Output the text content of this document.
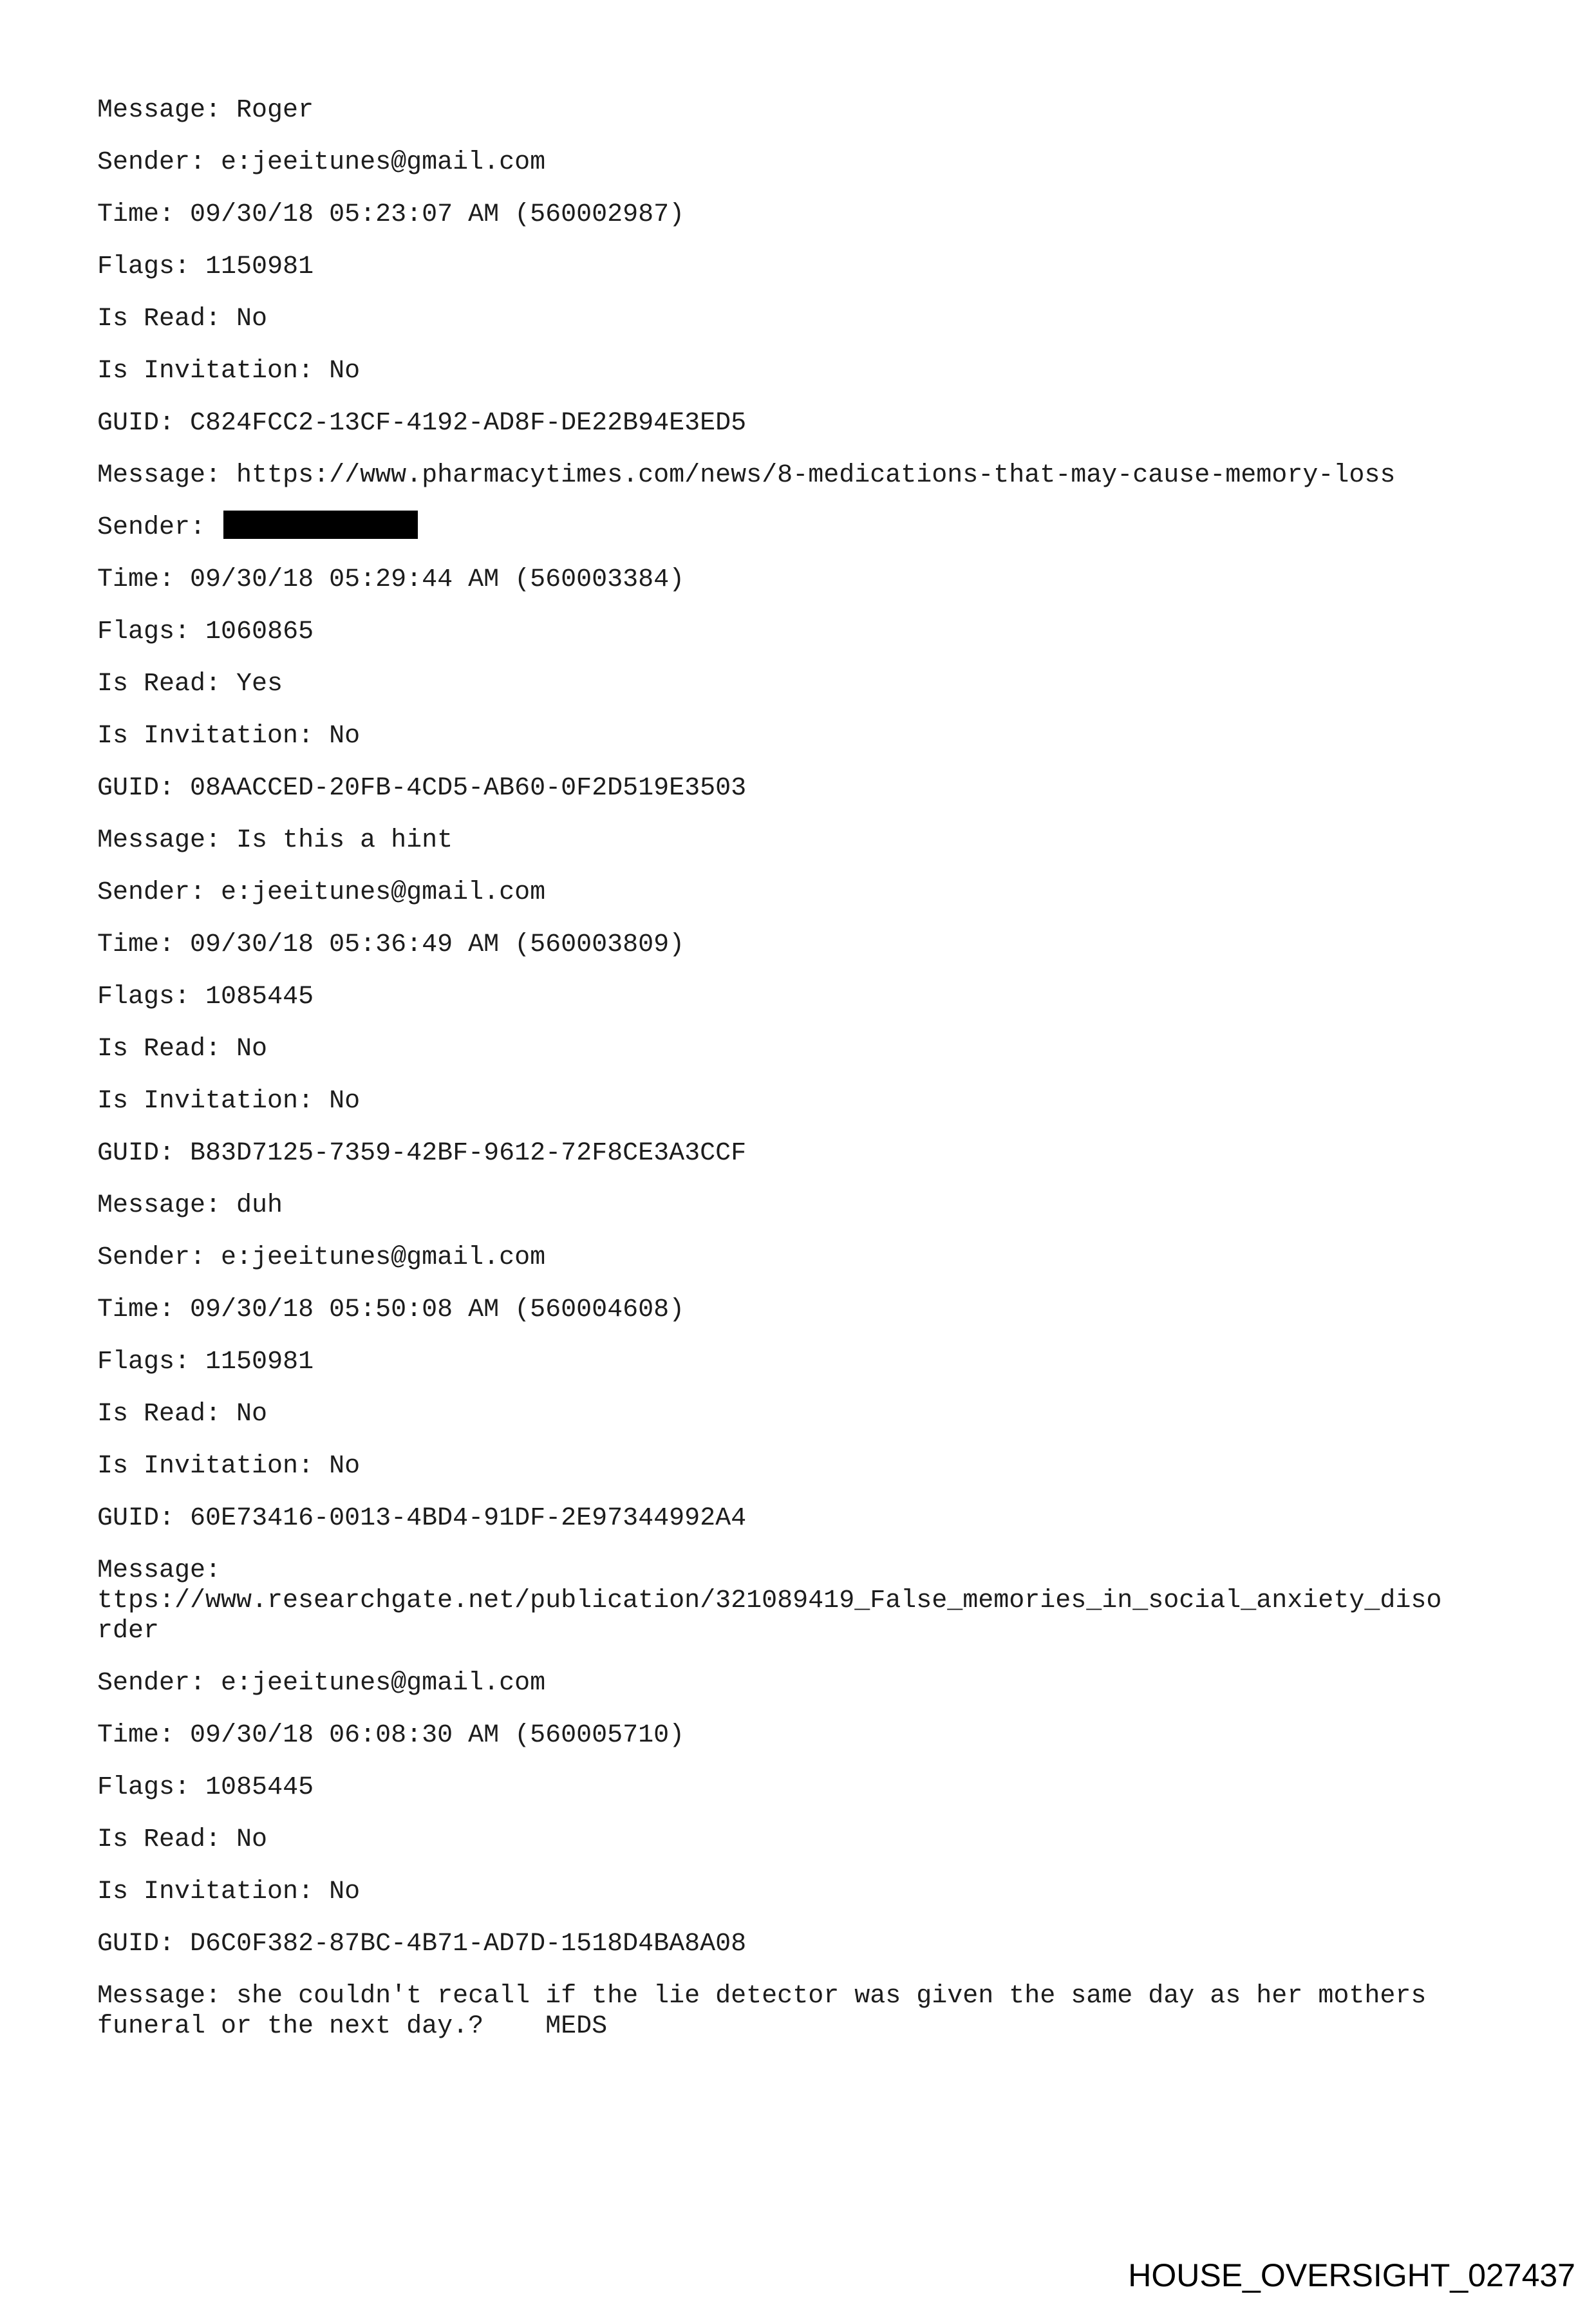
Message: Roger
Sender: e:jeeitunes@gmail.com
Time: 09/30/18 05:23:07 AM (560002987)
Flags: 1150981
Is Read: No
Is Invitation: No
GUID: C824FCC2-13CF-4192-AD8F-DE22B94E3ED5
Message: https://www.pharmacytimes.com/news/8-medications-that-may-cause-memory-loss
Sender:
Time: 09/30/18 05:29:44 AM (560003384)
Flags: 1060865
Is Read: Yes
Is Invitation: No
GUID: 08AACCED-20FB-4CD5-AB60-0F2D519E3503
Message: Is this a hint
Sender: e:jeeitunes@gmail.com
Time: 09/30/18 05:36:49 AM (560003809)
Flags: 1085445
Is Read: No
Is Invitation: No
GUID: B83D7125-7359-42BF-9612-72F8CE3A3CCF
Message: duh
Sender: e:jeeitunes@gmail.com
Time: 09/30/18 05:50:08 AM (560004608)
Flags: 1150981
Is Read: No
Is Invitation: No
GUID: 60E73416-0013-4BD4-91DF-2E97344992A4
Message:
ttps://www.researchgate.net/publication/321089419_False_memories_in_social_anxiety_diso
rder
Sender: e:jeeitunes@gmail.com
Time: 09/30/18 06:08:30 AM (560005710)
Flags: 1085445
Is Read: No
Is Invitation: No
GUID: D6C0F382-87BC-4B71-AD7D-1518D4BA8A08
Message: she couldn't recall if the lie detector was given the same day as her mothers
funeral or the next day.?    MEDS
HOUSE_OVERSIGHT_027437
